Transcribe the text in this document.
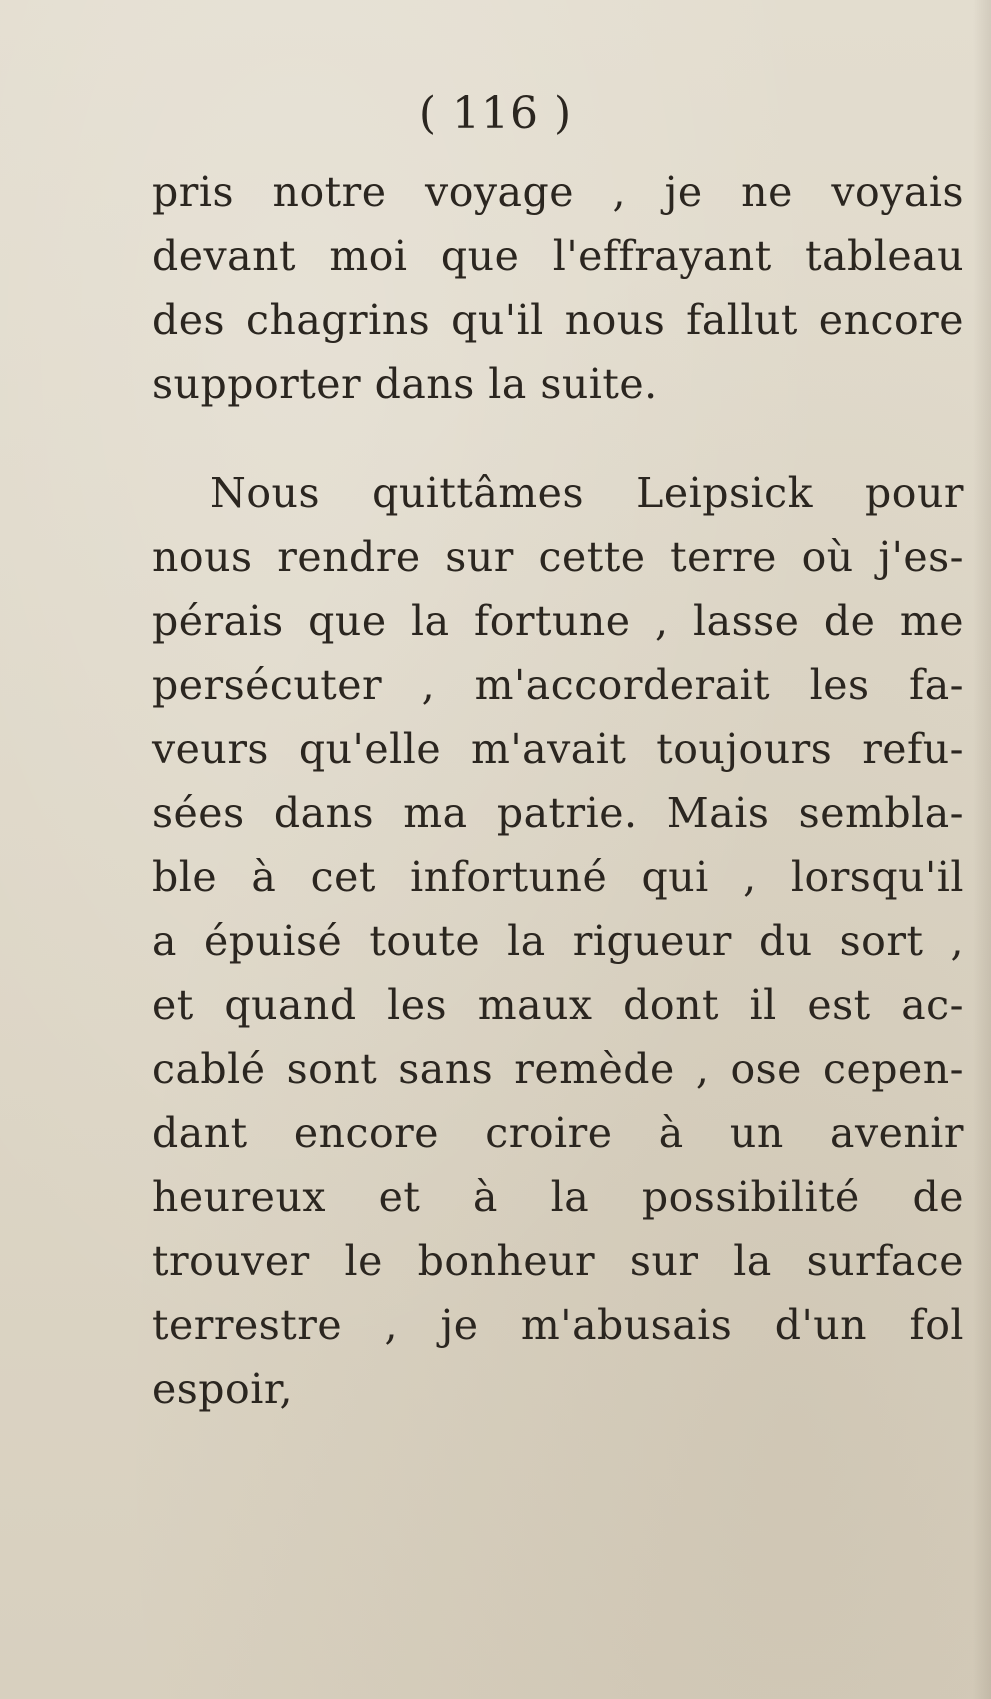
( 116 )
pris notre voyage , je ne voyais
devant moi que l'effrayant tableau
des chagrins qu'il nous fallut encore
supporter dans la suite.
Nous quittâmes Leipsick pour
nous rendre sur cette terre où j'es-
pérais que la fortune , lasse de me
persécuter , m'accorderait les fa-
veurs qu'elle m'avait toujours refu-
sées dans ma patrie. Mais sembla-
ble à cet infortuné qui , lorsqu'il
a épuisé toute la rigueur du sort ,
et quand les maux dont il est ac-
cablé sont sans remède , ose cepen-
dant encore croire à un avenir
heureux et à la possibilité de
trouver le bonheur sur la surface
terrestre , je m'abusais d'un fol
espoir,
